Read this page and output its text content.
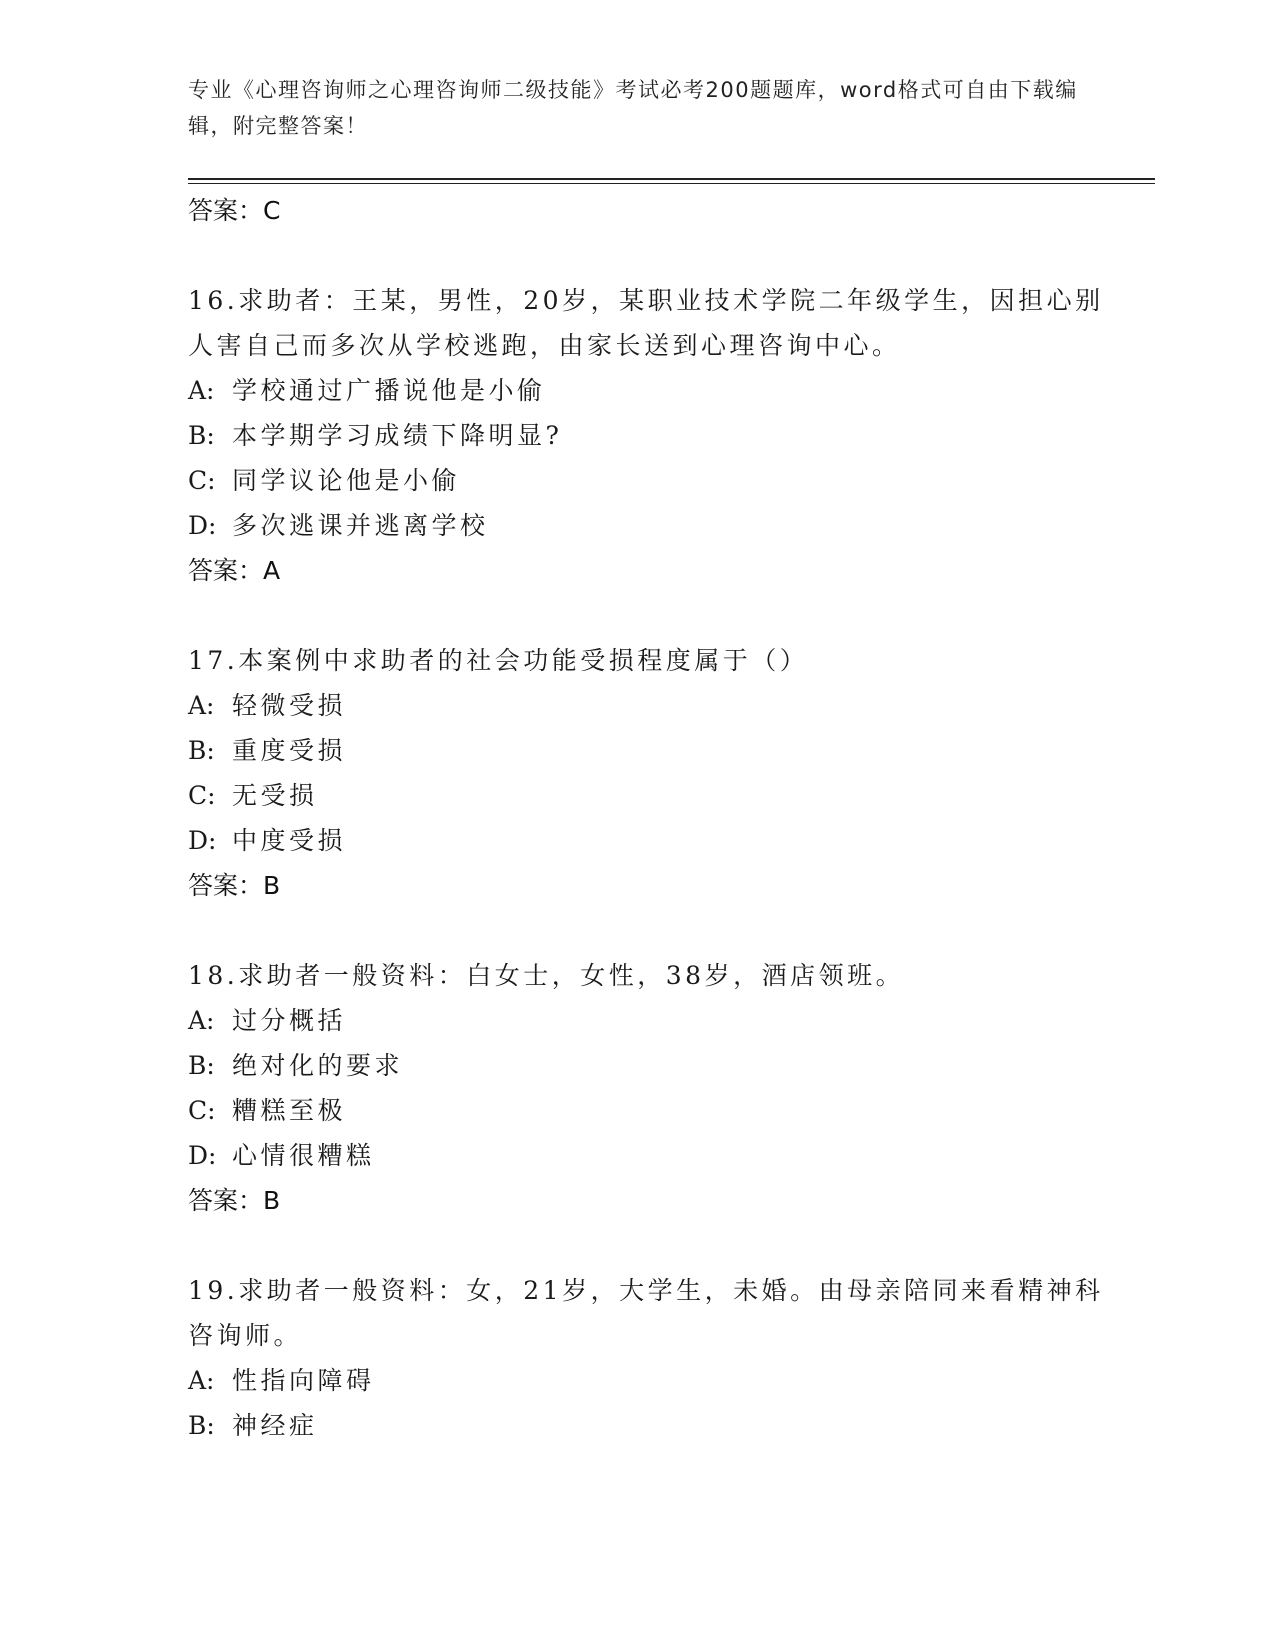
专业《心理咨询师之心理咨询师二级技能》考试必考200题题库，word格式可自由下载编辑，附完整答案！
答案：C
16.求助者：王某，男性，20岁，某职业技术学院二年级学生，因担心别人害自己而多次从学校逃跑，由家长送到心理咨询中心。
A: 学校通过广播说他是小偷
B: 本学期学习成绩下降明显?
C: 同学议论他是小偷
D: 多次逃课并逃离学校
答案：A
17.本案例中求助者的社会功能受损程度属于（）
A: 轻微受损
B: 重度受损
C: 无受损
D: 中度受损
答案：B
18.求助者一般资料：白女士，女性，38岁，酒店领班。
A: 过分概括
B: 绝对化的要求
C: 糟糕至极
D: 心情很糟糕
答案：B
19.求助者一般资料：女，21岁，大学生，未婚。由母亲陪同来看精神科咨询师。
A: 性指向障碍
B: 神经症
